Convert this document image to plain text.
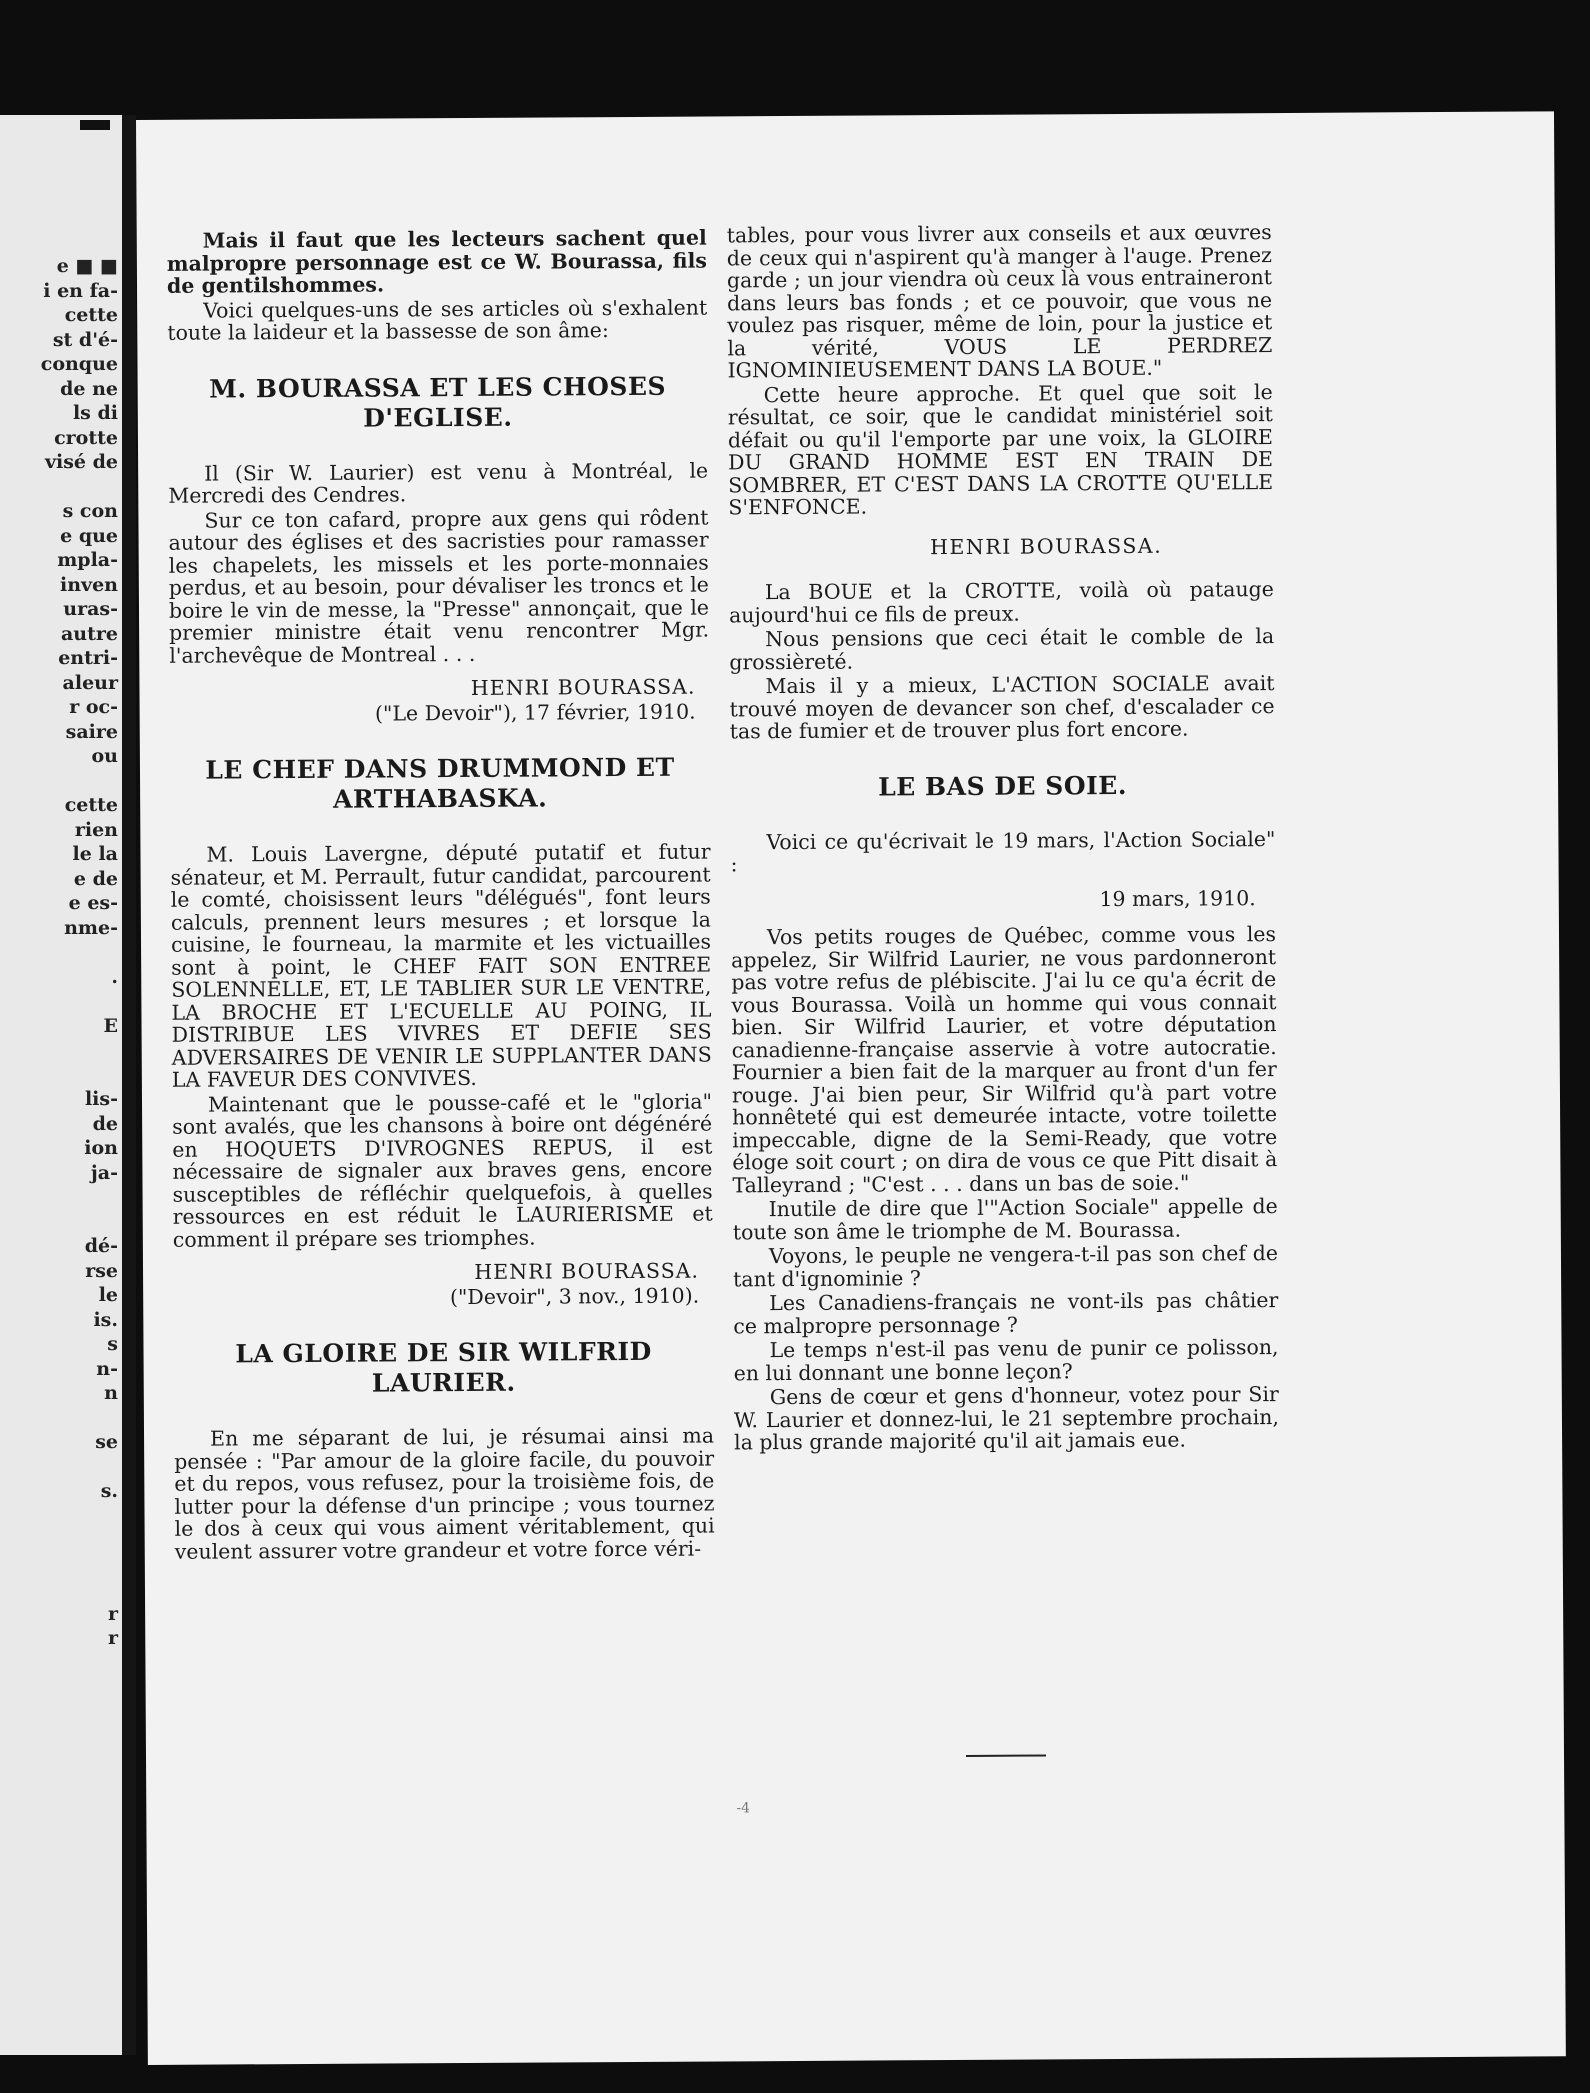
e ■ ■
i en fa-
cette
st d'é-
conque
de ne
ls di
crotte
visé de
s con
e que
mpla-
inven
uras-
autre
entri-
aleur
r oc-
saire
ou
cette
rien
le la
e de
e es-
nme-
.
E
lis-
de
ion
ja-
dé-
rse
le
is.
s
n-
n
se
s.
r
r

Mais il faut que les lecteurs sachent quel malpropre personnage est ce W. Bourassa, fils de gentilshommes.

Voici quelques-uns de ses articles où s'exhalent toute la laideur et la bassesse de son âme:

M. BOURASSA ET LES CHOSES D'EGLISE.

Il (Sir W. Laurier) est venu à Montréal, le Mercredi des Cendres.

Sur ce ton cafard, propre aux gens qui rôdent autour des églises et des sacristies pour ramasser les chapelets, les missels et les porte-monnaies perdus, et au besoin, pour dévaliser les troncs et le boire le vin de messe, la "Presse" annonçait, que le premier ministre était venu rencontrer Mgr. l'archevêque de Montreal . . .

HENRI BOURASSA.
("Le Devoir"), 17 février, 1910.
LE CHEF DANS DRUMMOND ET ARTHABASKA.

M. Louis Lavergne, député putatif et futur sénateur, et M. Perrault, futur candidat, parcourent le comté, choisissent leurs "délégués", font leurs calculs, prennent leurs mesures ; et lorsque la cuisine, le fourneau, la marmite et les victuailles sont à point, le CHEF FAIT SON ENTREE SOLENNELLE, ET, LE TABLIER SUR LE VENTRE, LA BROCHE ET L'ECUELLE AU POING, IL DISTRIBUE LES VIVRES ET DEFIE SES ADVERSAIRES DE VENIR LE SUPPLANTER DANS LA FAVEUR DES CONVIVES.

Maintenant que le pousse-café et le "gloria" sont avalés, que les chansons à boire ont dégénéré en HOQUETS D'IVROGNES REPUS, il est nécessaire de signaler aux braves gens, encore susceptibles de réfléchir quelquefois, à quelles ressources en est réduit le LAURIERISME et comment il prépare ses triomphes.

HENRI BOURASSA.
("Devoir", 3 nov., 1910).
LA GLOIRE DE SIR WILFRID LAURIER.

En me séparant de lui, je résumai ainsi ma pensée : "Par amour de la gloire facile, du pouvoir et du repos, vous refusez, pour la troisième fois, de lutter pour la défense d'un principe ; vous tournez le dos à ceux qui vous aiment véritablement, qui veulent assurer votre grandeur et votre force véri-

tables, pour vous livrer aux conseils et aux œuvres de ceux qui n'aspirent qu'à manger à l'auge. Prenez garde ; un jour viendra où ceux là vous entraineront dans leurs bas fonds ; et ce pouvoir, que vous ne voulez pas risquer, même de loin, pour la justice et la vérité, VOUS LE PERDREZ IGNOMINIEUSEMENT DANS LA BOUE."

Cette heure approche. Et quel que soit le résultat, ce soir, que le candidat ministériel soit défait ou qu'il l'emporte par une voix, la GLOIRE DU GRAND HOMME EST EN TRAIN DE SOMBRER, ET C'EST DANS LA CROTTE QU'ELLE S'ENFONCE.

HENRI BOURASSA.

La BOUE et la CROTTE, voilà où patauge aujourd'hui ce fils de preux.

Nous pensions que ceci était le comble de la grossièreté.

Mais il y a mieux, L'ACTION SOCIALE avait trouvé moyen de devancer son chef, d'escalader ce tas de fumier et de trouver plus fort encore.

LE BAS DE SOIE.

Voici ce qu'écrivait le 19 mars, l'Action Sociale" :

19 mars, 1910.

Vos petits rouges de Québec, comme vous les appelez, Sir Wilfrid Laurier, ne vous pardonneront pas votre refus de plébiscite. J'ai lu ce qu'a écrit de vous Bourassa. Voilà un homme qui vous connait bien. Sir Wilfrid Laurier, et votre députation canadienne-française asservie à votre autocratie. Fournier a bien fait de la marquer au front d'un fer rouge. J'ai bien peur, Sir Wilfrid qu'à part votre honnêteté qui est demeurée intacte, votre toilette impeccable, digne de la Semi-Ready, que votre éloge soit court ; on dira de vous ce que Pitt disait à Talleyrand ; "C'est . . . dans un bas de soie."

Inutile de dire que l'"Action Sociale" appelle de toute son âme le triomphe de M. Bourassa.

Voyons, le peuple ne vengera-t-il pas son chef de tant d'ignominie ?

Les Canadiens-français ne vont-ils pas châtier ce malpropre personnage ?

Le temps n'est-il pas venu de punir ce polisson, en lui donnant une bonne leçon?

Gens de cœur et gens d'honneur, votez pour Sir W. Laurier et donnez-lui, le 21 septembre prochain, la plus grande majorité qu'il ait jamais eue.

-4
